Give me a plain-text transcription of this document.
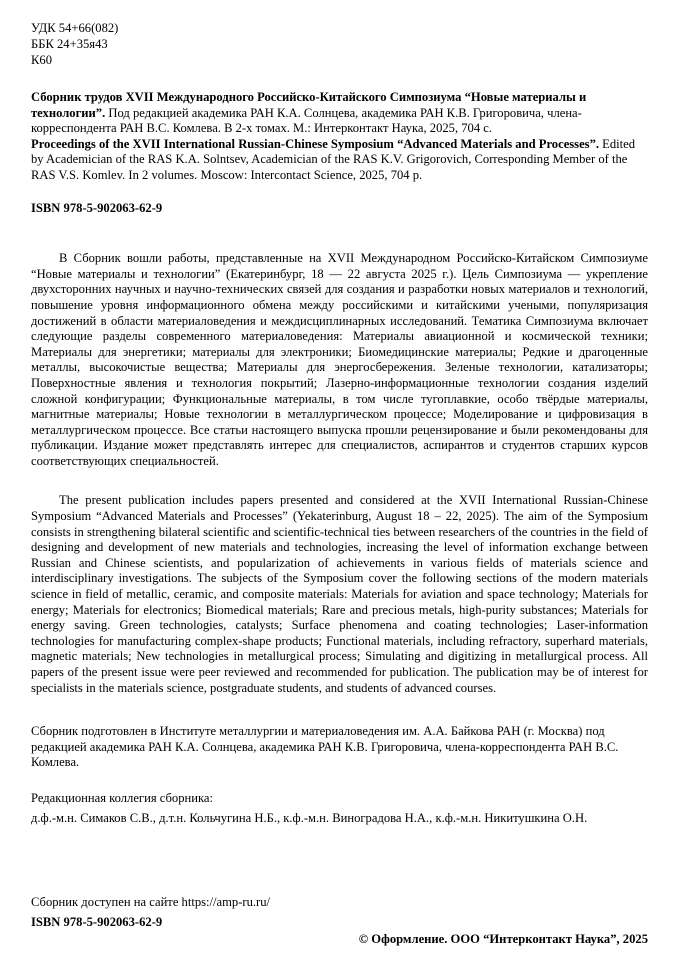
УДК 54+66(082)
ББК 24+35я43
К60

Сборник трудов XVII Международного Российско-Китайского Симпозиума “Новые материалы и технологии”. Под редакцией академика РАН К.А. Солнцева, академика РАН К.В. Григоровича, члена-корреспондента РАН В.С. Комлева. В 2-х томах. М.: Интерконтакт Наука, 2025, 704 с.

Proceedings of the XVII International Russian-Chinese Symposium “Advanced Materials and Processes”. Edited by Academician of the RAS K.A. Solntsev, Academician of the RAS K.V. Grigorovich, Corresponding Member of the RAS V.S. Komlev. In 2 volumes. Moscow: Intercontact Science, 2025, 704 p.

ISBN 978-5-902063-62-9

В Сборник вошли работы, представленные на XVII Международном Российско-Китайском Симпозиуме “Новые материалы и технологии” (Екатеринбург, 18 — 22 августа 2025 г.). Цель Симпозиума — укрепление двухсторонних научных и научно-технических связей для создания и разработки новых материалов и технологий, повышение уровня информационного обмена между российскими и китайскими учеными, популяризация достижений в области материаловедения и междисциплинарных исследований. Тематика Симпозиума включает следующие разделы современного материаловедения: Материалы авиационной и космической техники; Материалы для энергетики; материалы для электроники; Биомедицинские материалы; Редкие и драгоценные металлы, высокочистые вещества; Материалы для энергосбережения. Зеленые технологии, катализаторы; Поверхностные явления и технология покрытий; Лазерно-информационные технологии создания изделий сложной конфигурации; Функциональные материалы, в том числе тугоплавкие, особо твёрдые материалы, магнитные материалы; Новые технологии в металлургическом процессе; Моделирование и цифровизация в металлургическом процессе. Все статьи настоящего выпуска прошли рецензирование и были рекомендованы для публикации. Издание может представлять интерес для специалистов, аспирантов и студентов старших курсов соответствующих специальностей.

The present publication includes papers presented and considered at the XVII International Russian-Chinese Symposium “Advanced Materials and Processes” (Yekaterinburg, August 18 – 22, 2025). The aim of the Symposium consists in strengthening bilateral scientific and scientific-technical ties between researchers of the countries in the field of designing and development of new materials and technologies, increasing the level of information exchange between Russian and Chinese scientists, and popularization of achievements in various fields of materials science and interdisciplinary investigations. The subjects of the Symposium cover the following sections of the modern materials science in field of metallic, ceramic, and composite materials: Materials for aviation and space technology; Materials for energy; Materials for electronics; Biomedical materials; Rare and precious metals, high-purity substances; Materials for energy saving. Green technologies, catalysts; Surface phenomena and coating technologies; Laser-information technologies for manufacturing complex-shape products; Functional materials, including refractory, superhard materials, magnetic materials; New technologies in metallurgical process; Simulating and digitizing in metallurgical process. All papers of the present issue were peer reviewed and recommended for publication. The publication may be of interest for specialists in the materials science, postgraduate students, and students of advanced courses.

Сборник подготовлен в Институте металлургии и материаловедения им. А.А. Байкова РАН (г. Москва) под редакцией академика РАН К.А. Солнцева, академика РАН К.В. Григоровича, члена-корреспондента РАН В.С. Комлева.

Редакционная коллегия сборника:

д.ф.-м.н. Симаков С.В., д.т.н. Кольчугина Н.Б., к.ф.-м.н. Виноградова Н.А., к.ф.-м.н. Никитушкина О.Н.

Сборник доступен на сайте https://amp-ru.ru/

ISBN 978-5-902063-62-9

© Оформление. ООО “Интерконтакт Наука”, 2025
